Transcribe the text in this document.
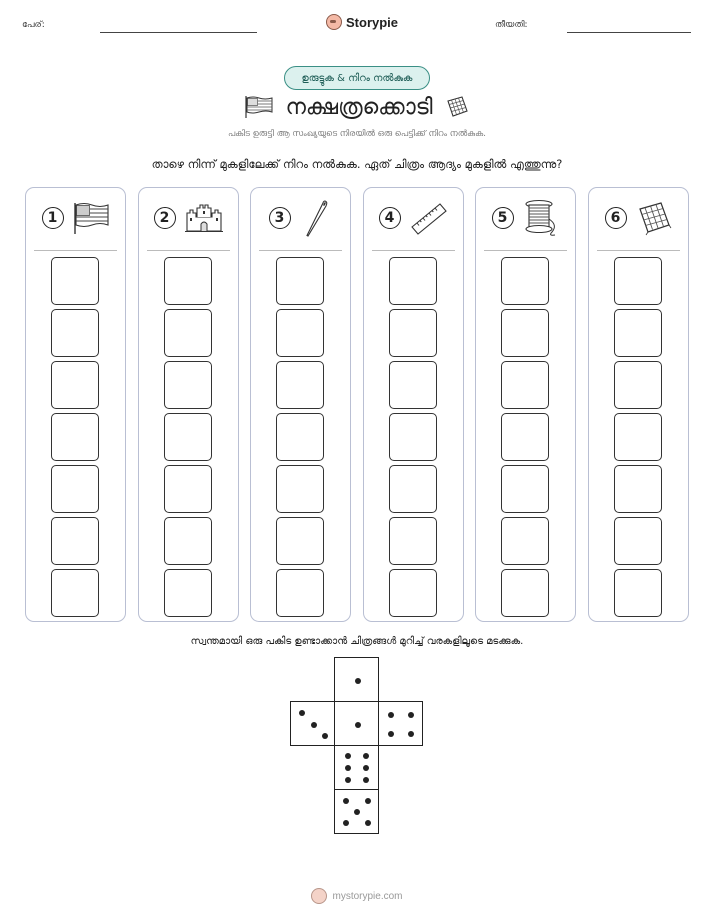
പേര്:	Storypie	തീയതി:
ഉരുട്ടുക & നിറം നൽകുക
നക്ഷത്രക്കൊടി
പകിട ഉരുട്ടി ആ സംഖ്യയുടെ നിരയിൽ ഒരു പെട്ടിക്ക് നിറം നൽകുക.
താഴെ നിന്ന് മുകളിലേക്ക് നിറം നൽകുക. ഏത് ചിത്രം ആദ്യം മുകളിൽ എത്തുന്നു?
1	2	3	4	5	6
സ്വന്തമായി ഒരു പകിട ഉണ്ടാക്കാൻ ചിത്രങ്ങൾ മുറിച്ച് വരകളിലൂടെ മടക്കുക.
mystorypie.com
